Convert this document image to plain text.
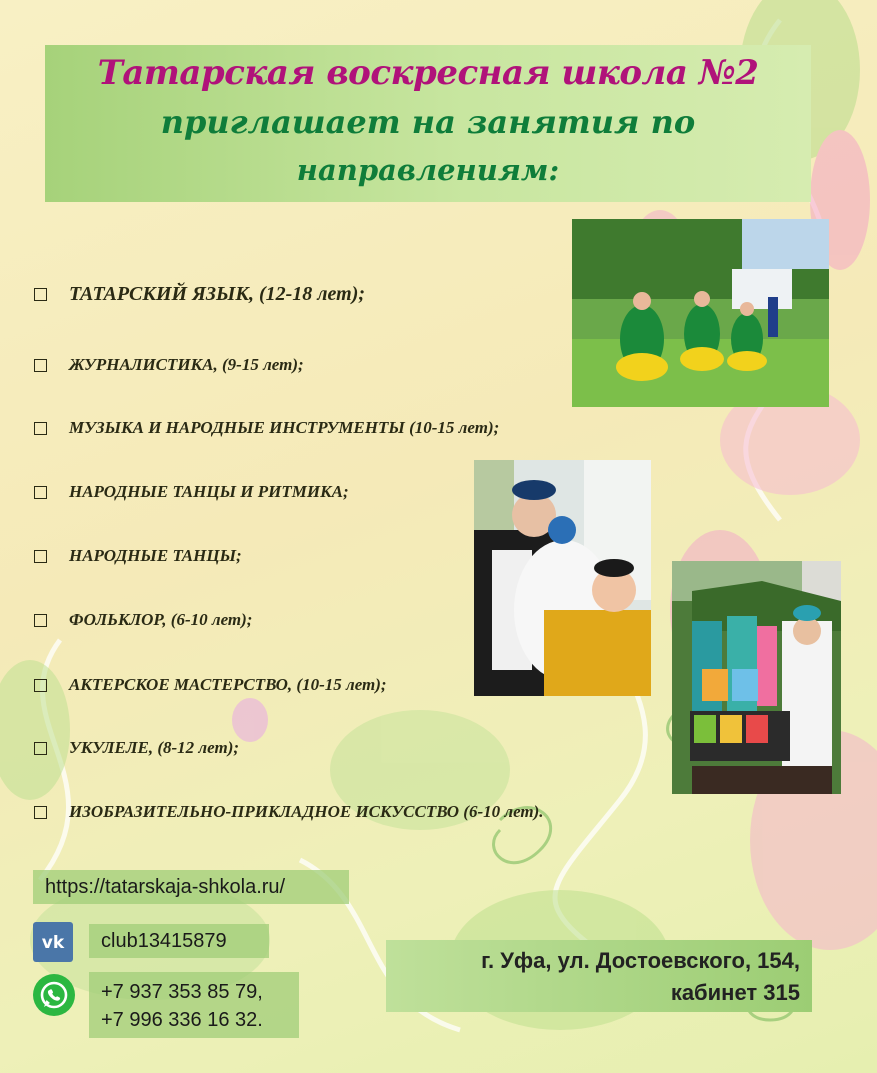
Татарская воскресная школа №2
приглашает на занятия по
направлениям:
ТАТАРСКИЙ ЯЗЫК, (12-18 лет);
ЖУРНАЛИСТИКА, (9-15 лет);
МУЗЫКА И НАРОДНЫЕ ИНСТРУМЕНТЫ (10-15 лет);
НАРОДНЫЕ ТАНЦЫ И РИТМИКА;
НАРОДНЫЕ ТАНЦЫ;
ФОЛЬКЛОР, (6-10 лет);
АКТЕРСКОЕ МАСТЕРСТВО, (10-15 лет);
УКУЛЕЛЕ, (8-12 лет);
ИЗОБРАЗИТЕЛЬНО-ПРИКЛАДНОЕ ИСКУССТВО (6-10 лет).
https://tatarskaja-shkola.ru/
vk club13415879
+7 937 353 85 79,
+7 996 336 16 32.
г. Уфа, ул. Достоевского, 154,
кабинет 315
